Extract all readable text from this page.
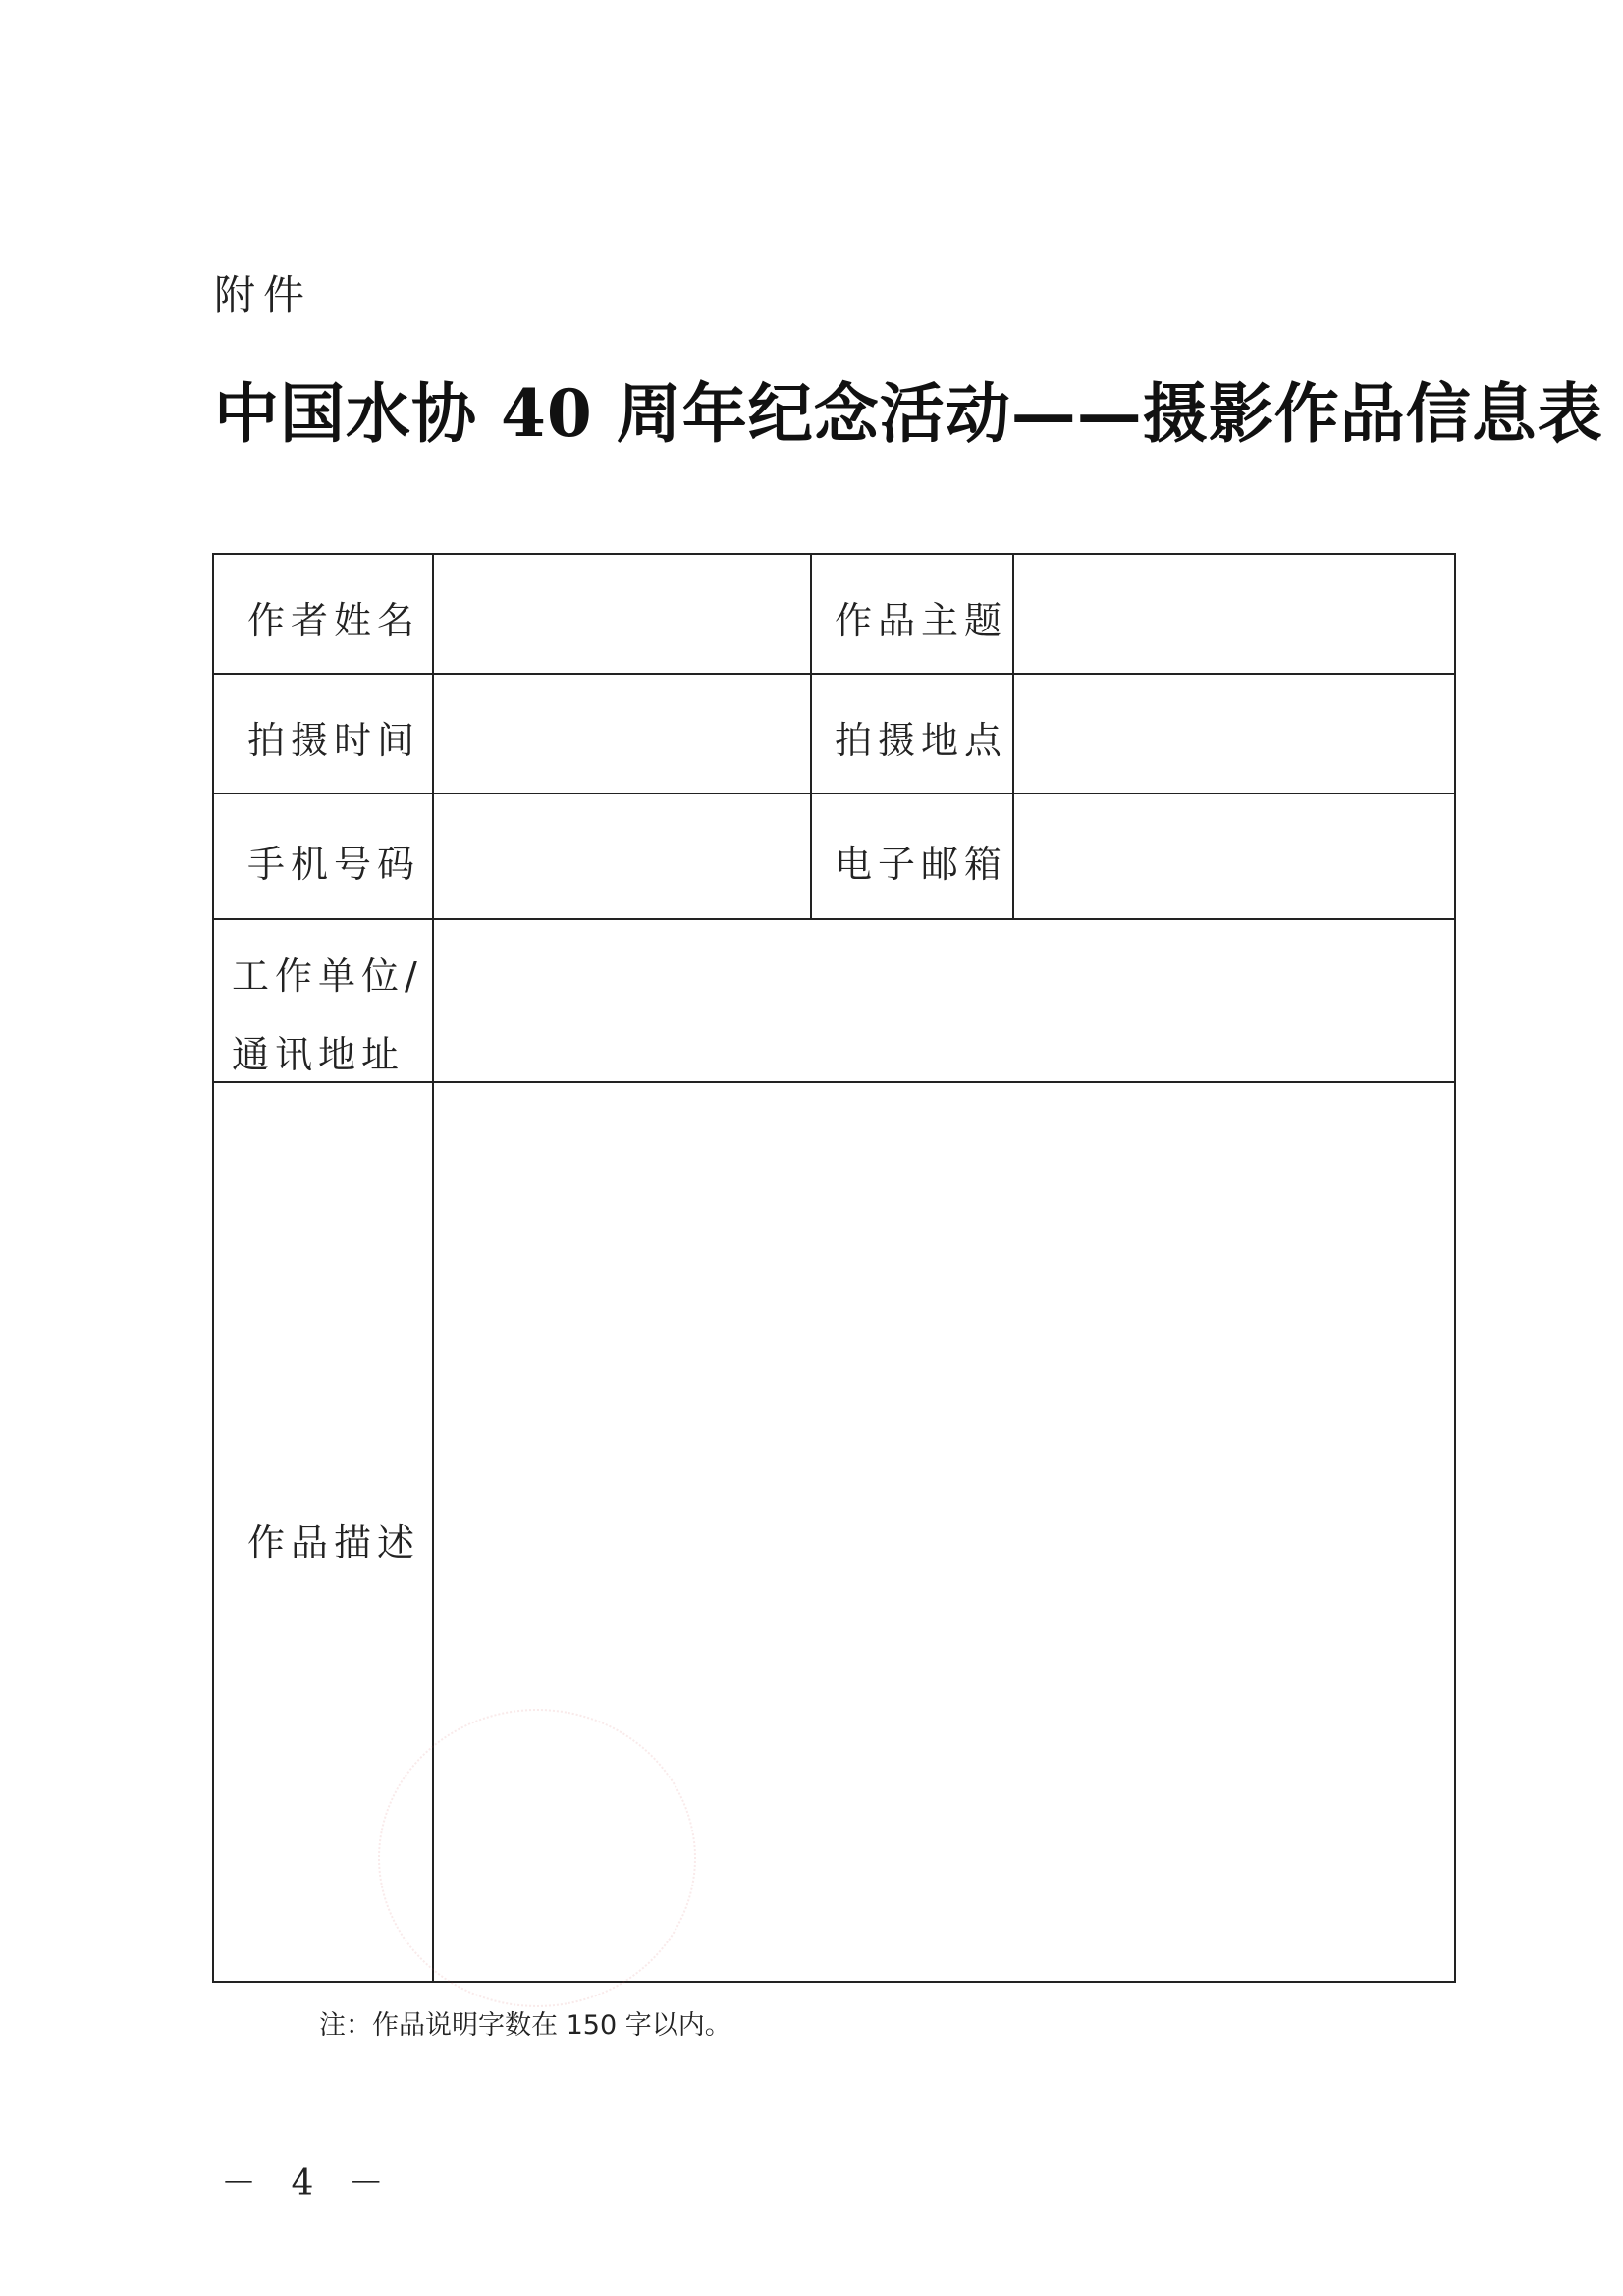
附件
中国水协 40 周年纪念活动——摄影作品信息表
作者姓名	作品主题
拍摄时间	拍摄地点
手机号码	电子邮箱
工作单位/
通讯地址
作品描述
注：作品说明字数在 150 字以内。
－ 4 －
